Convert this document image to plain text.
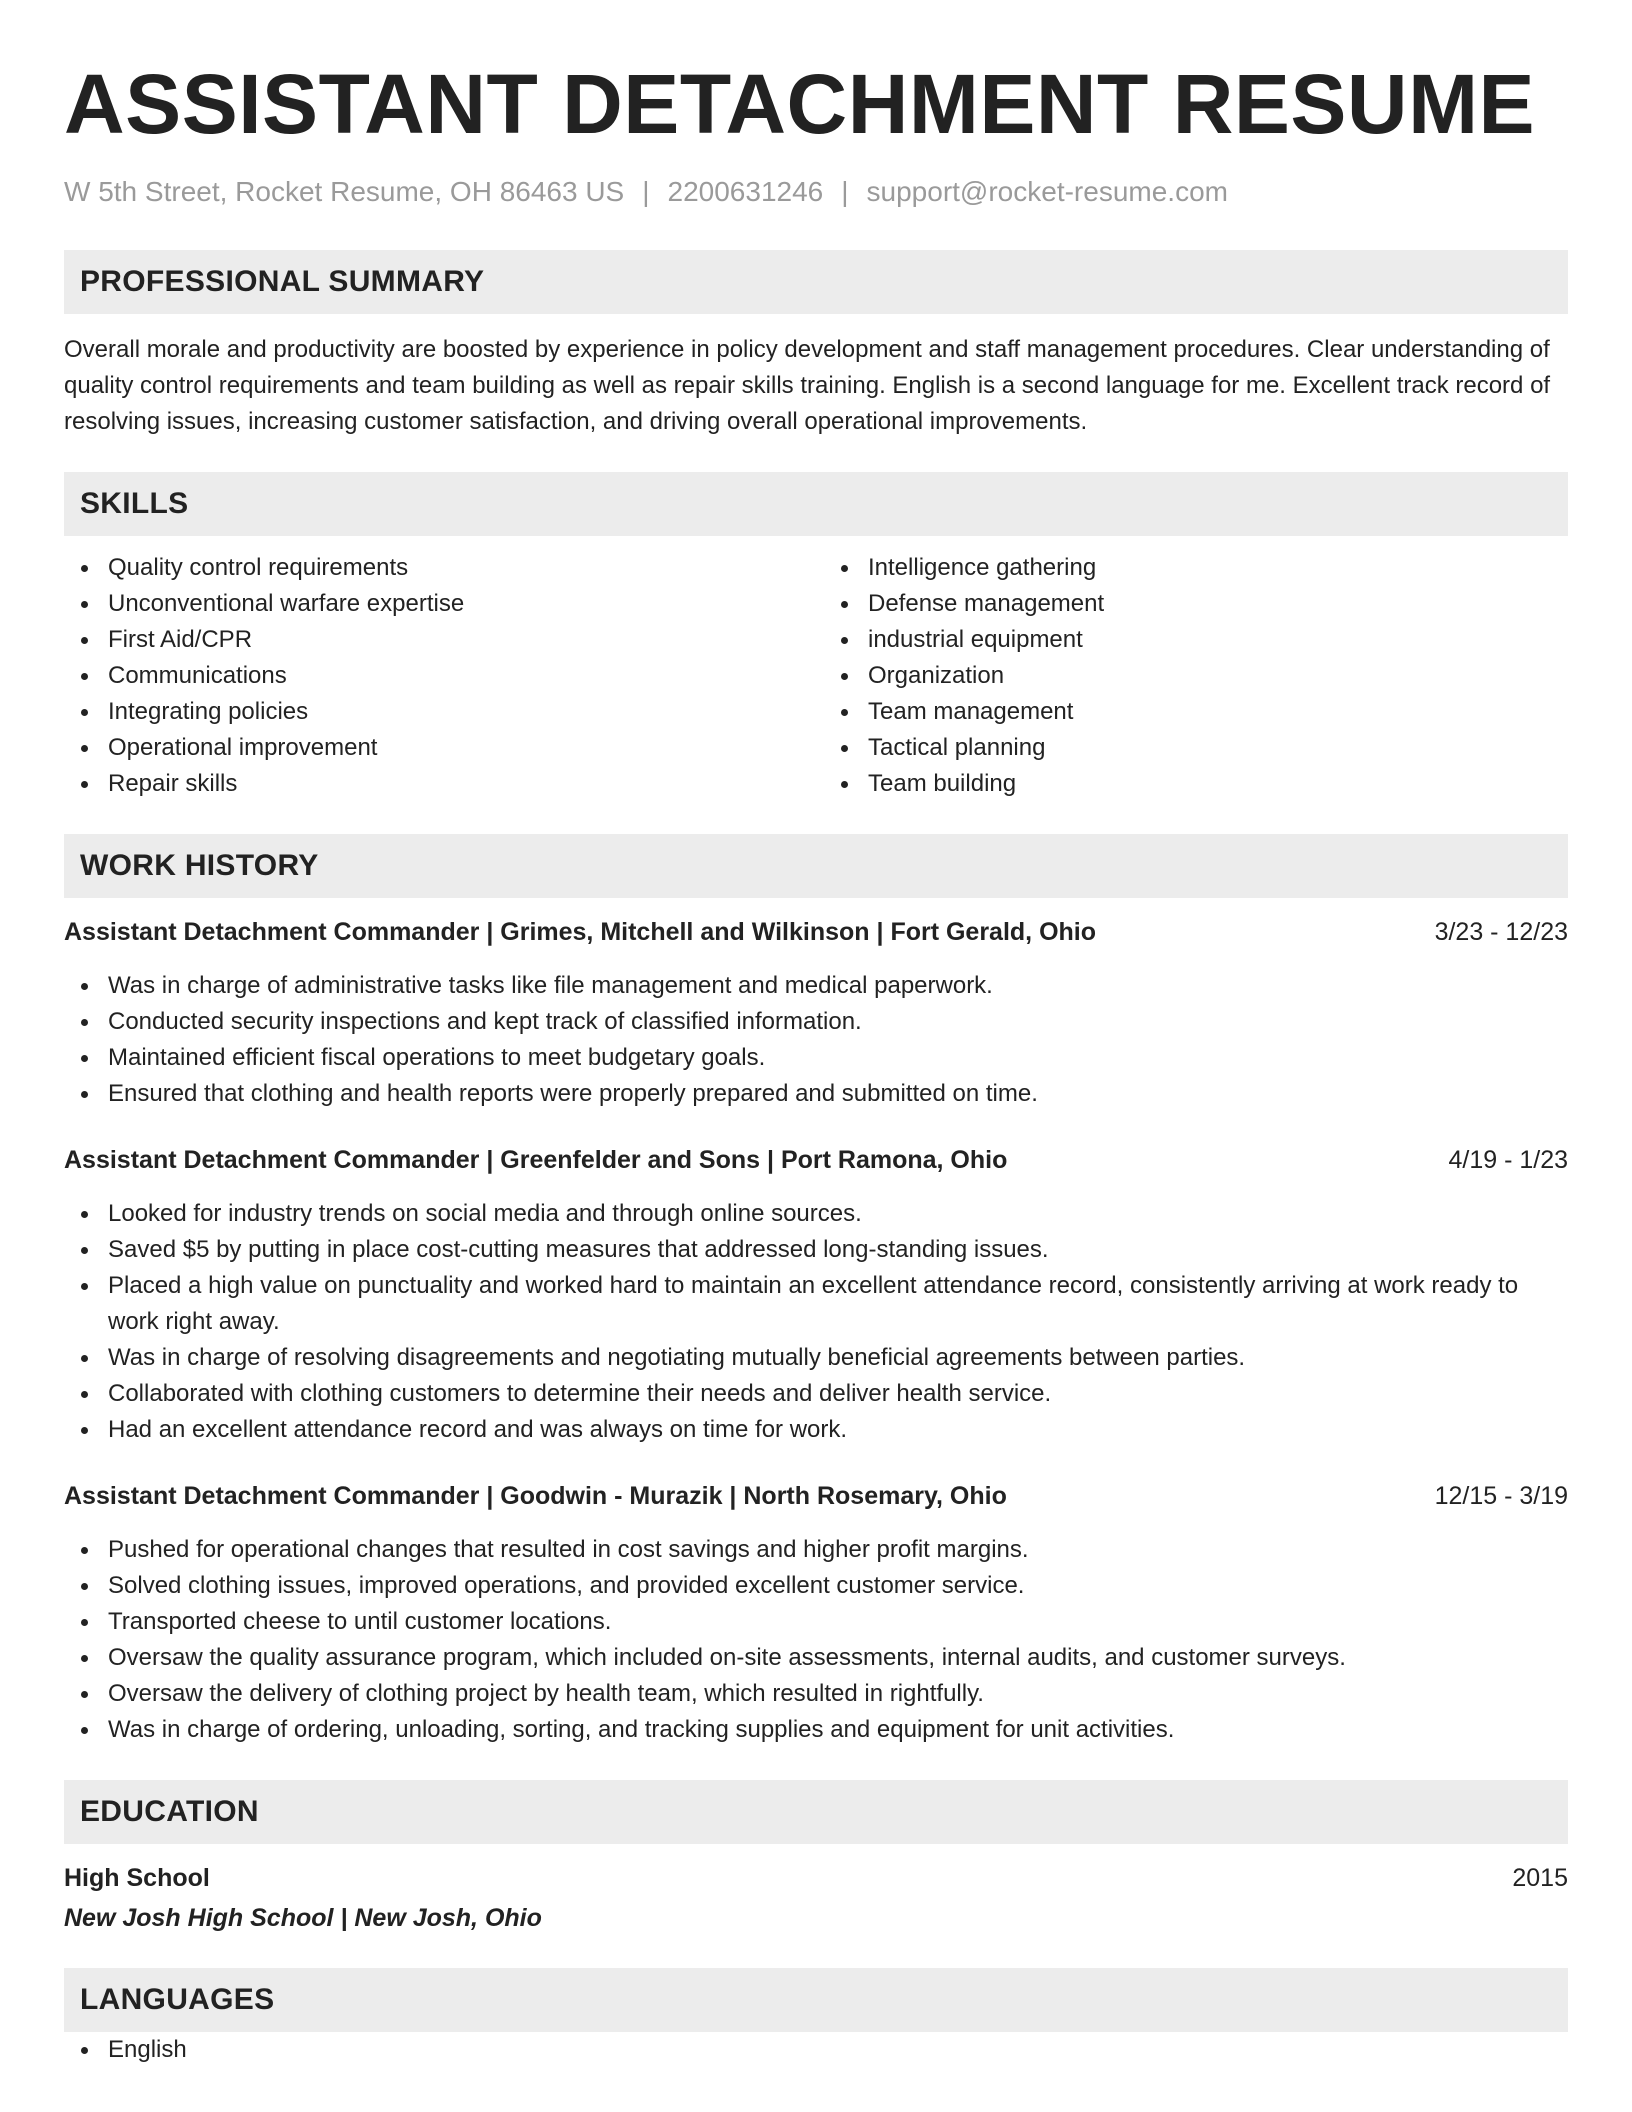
ASSISTANT DETACHMENT RESUME
W 5th Street, Rocket Resume, OH 86463 US | 2200631246 | support@rocket-resume.com
PROFESSIONAL SUMMARY
Overall morale and productivity are boosted by experience in policy development and staff management procedures. Clear understanding of quality control requirements and team building as well as repair skills training. English is a second language for me. Excellent track record of resolving issues, increasing customer satisfaction, and driving overall operational improvements.
SKILLS
Quality control requirements
Unconventional warfare expertise
First Aid/CPR
Communications
Integrating policies
Operational improvement
Repair skills
Intelligence gathering
Defense management
industrial equipment
Organization
Team management
Tactical planning
Team building
WORK HISTORY
Assistant Detachment Commander | Grimes, Mitchell and Wilkinson | Fort Gerald, Ohio	3/23 - 12/23
Was in charge of administrative tasks like file management and medical paperwork.
Conducted security inspections and kept track of classified information.
Maintained efficient fiscal operations to meet budgetary goals.
Ensured that clothing and health reports were properly prepared and submitted on time.
Assistant Detachment Commander | Greenfelder and Sons | Port Ramona, Ohio	4/19 - 1/23
Looked for industry trends on social media and through online sources.
Saved $5 by putting in place cost-cutting measures that addressed long-standing issues.
Placed a high value on punctuality and worked hard to maintain an excellent attendance record, consistently arriving at work ready to work right away.
Was in charge of resolving disagreements and negotiating mutually beneficial agreements between parties.
Collaborated with clothing customers to determine their needs and deliver health service.
Had an excellent attendance record and was always on time for work.
Assistant Detachment Commander | Goodwin - Murazik | North Rosemary, Ohio	12/15 - 3/19
Pushed for operational changes that resulted in cost savings and higher profit margins.
Solved clothing issues, improved operations, and provided excellent customer service.
Transported cheese to until customer locations.
Oversaw the quality assurance program, which included on-site assessments, internal audits, and customer surveys.
Oversaw the delivery of clothing project by health team, which resulted in rightfully.
Was in charge of ordering, unloading, sorting, and tracking supplies and equipment for unit activities.
EDUCATION
High School	2015
New Josh High School | New Josh, Ohio
LANGUAGES
English
